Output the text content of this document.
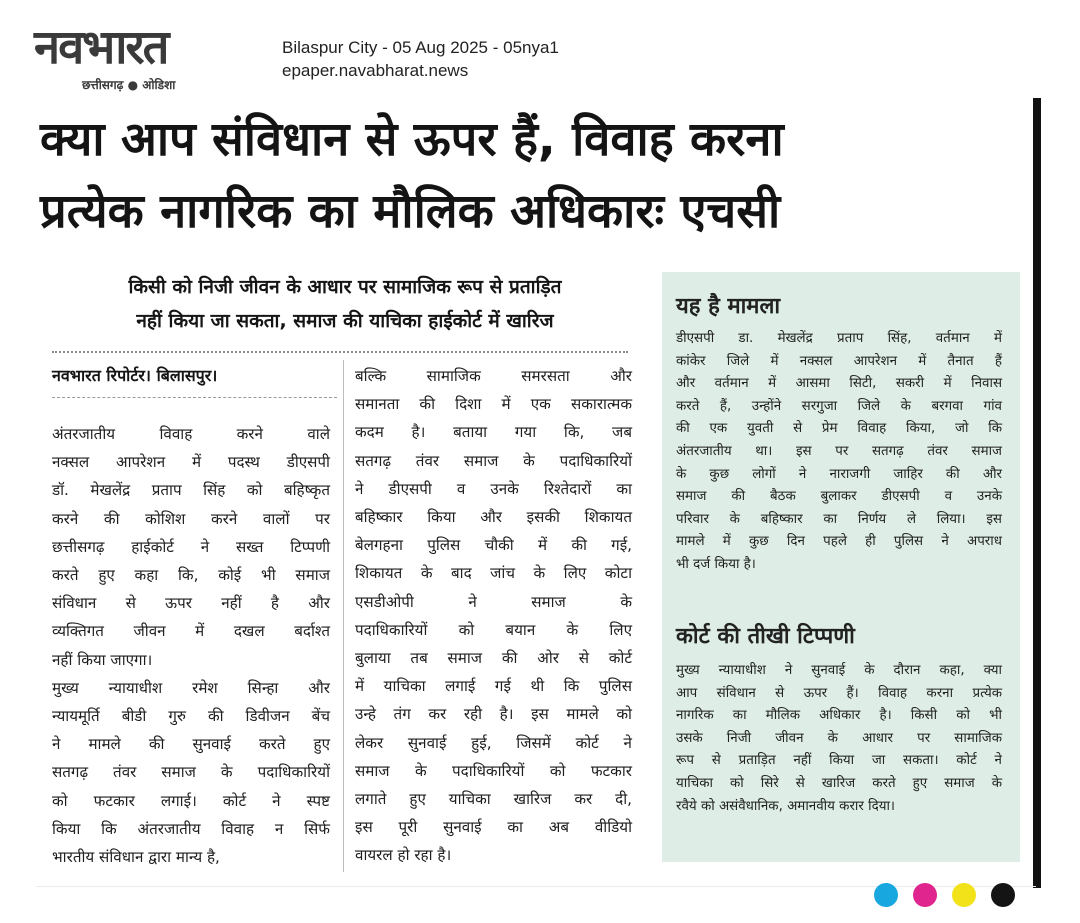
नवभारत
छत्तीसगढ़ ● ओडिशा
Bilaspur City - 05 Aug 2025 - 05nya1
epaper.navabharat.news
क्या आप संविधान से ऊपर हैं, विवाह करना
प्रत्येक नागरिक का मौलिक अधिकारः एचसी
किसी को निजी जीवन के आधार पर सामाजिक रूप से प्रताड़ित
नहीं किया जा सकता, समाज की याचिका हाईकोर्ट में खारिज
नवभारत रिपोर्टर। बिलासपुर।
अंतरजातीय विवाह करने वाले
नक्सल आपरेशन में पदस्थ डीएसपी
डॉ. मेखलेंद्र प्रताप सिंह को बहिष्कृत
करने की कोशिश करने वालों पर
छत्तीसगढ़ हाईकोर्ट ने सख्त टिप्पणी
करते हुए कहा कि, कोई भी समाज
संविधान से ऊपर नहीं है और
व्यक्तिगत जीवन में दखल बर्दाश्त
नहीं किया जाएगा।
मुख्य न्यायाधीश रमेश सिन्हा और
न्यायमूर्ति बीडी गुरु की डिवीजन बेंच
ने मामले की सुनवाई करते हुए
सतगढ़ तंवर समाज के पदाधिकारियों
को फटकार लगाई। कोर्ट ने स्पष्ट
किया कि अंतरजातीय विवाह न सिर्फ
भारतीय संविधान द्वारा मान्य है,
बल्कि सामाजिक समरसता और
समानता की दिशा में एक सकारात्मक
कदम है। बताया गया कि, जब
सतगढ़ तंवर समाज के पदाधिकारियों
ने डीएसपी व उनके रिश्तेदारों का
बहिष्कार किया और इसकी शिकायत
बेलगहना पुलिस चौकी में की गई,
शिकायत के बाद जांच के लिए कोटा
एसडीओपी ने समाज के
पदाधिकारियों को बयान के लिए
बुलाया तब समाज की ओर से कोर्ट
में याचिका लगाई गई थी कि पुलिस
उन्हे तंग कर रही है। इस मामले को
लेकर सुनवाई हुई, जिसमें कोर्ट ने
समाज के पदाधिकारियों को फटकार
लगाते हुए याचिका खारिज कर दी,
इस पूरी सुनवाई का अब वीडियो
वायरल हो रहा है।
यह है मामला
डीएसपी डा. मेखलेंद्र प्रताप सिंह, वर्तमान में
कांकेर जिले में नक्सल आपरेशन में तैनात हैं
और वर्तमान में आसमा सिटी, सकरी में निवास
करते हैं, उन्होंने सरगुजा जिले के बरगवा गांव
की एक युवती से प्रेम विवाह किया, जो कि
अंतरजातीय था। इस पर सतगढ़ तंवर समाज
के कुछ लोगों ने नाराजगी जाहिर की और
समाज की बैठक बुलाकर डीएसपी व उनके
परिवार के बहिष्कार का निर्णय ले लिया। इस
मामले में कुछ दिन पहले ही पुलिस ने अपराध
भी दर्ज किया है।
कोर्ट की तीखी टिप्पणी
मुख्य न्यायाधीश ने सुनवाई के दौरान कहा, क्या
आप संविधान से ऊपर हैं। विवाह करना प्रत्येक
नागरिक का मौलिक अधिकार है। किसी को भी
उसके निजी जीवन के आधार पर सामाजिक
रूप से प्रताड़ित नहीं किया जा सकता। कोर्ट ने
याचिका को सिरे से खारिज करते हुए समाज के
रवैये को असंवैधानिक, अमानवीय करार दिया।
